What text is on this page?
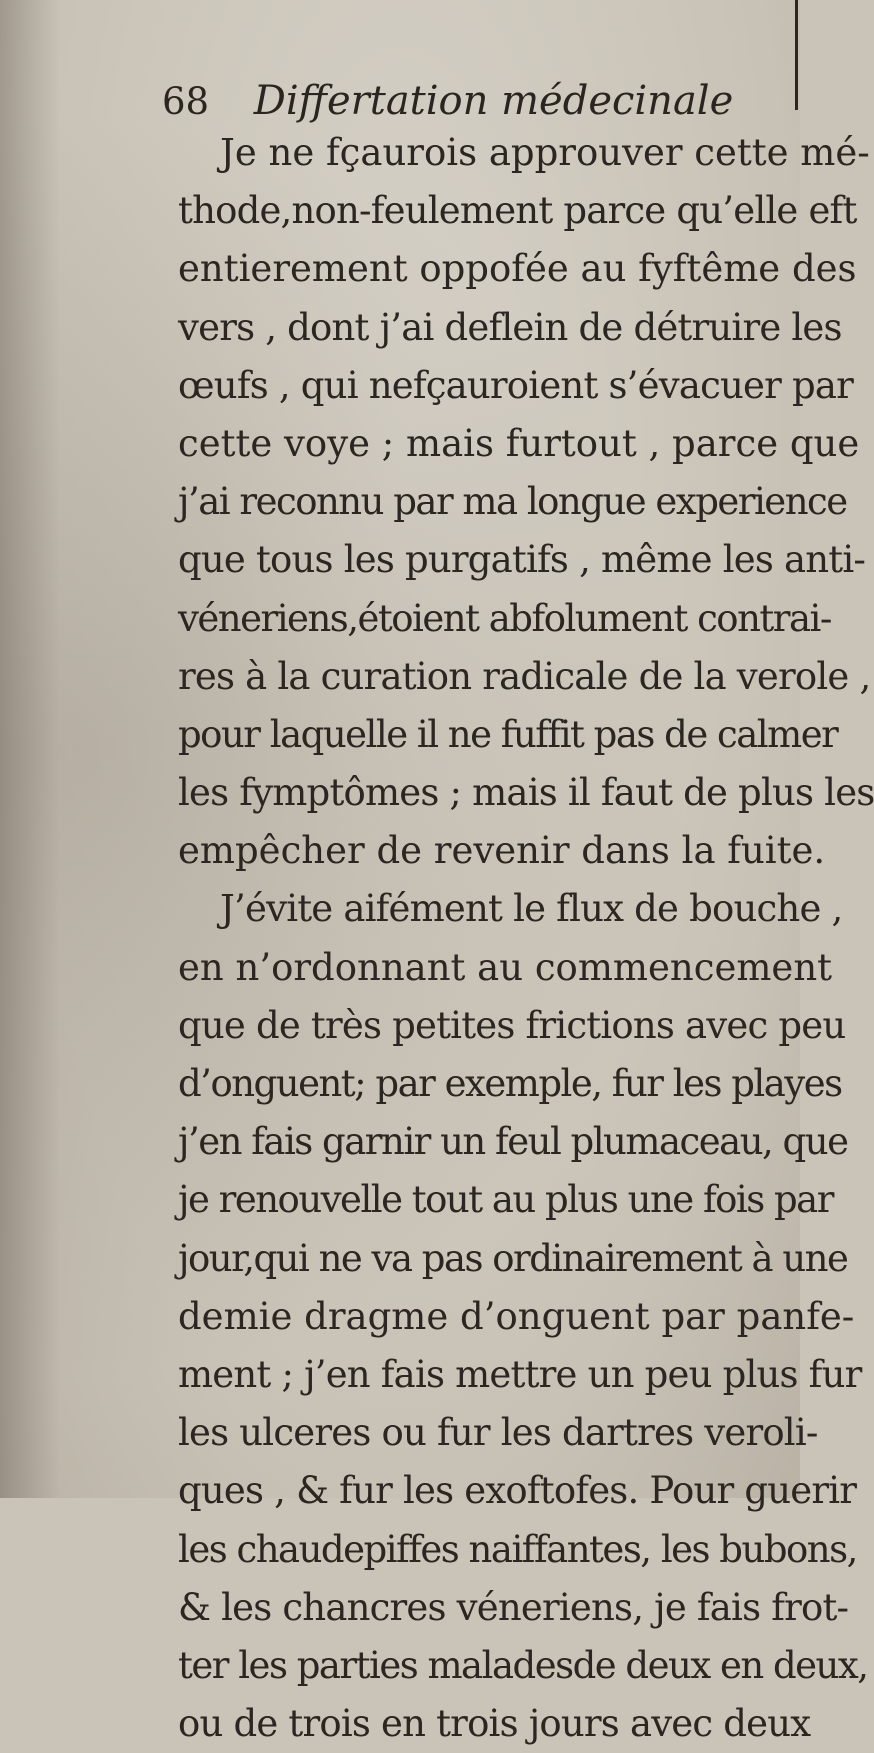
68 Differtation médecinale
Je ne fçaurois approuver cette mé-
thode,non-feulement parce qu’elle eft
entierement oppofée au fyftême des
vers , dont j’ai deflein de détruire les
œufs , qui nefçauroient s’évacuer par
cette voye ; mais furtout , parce que
j’ai reconnu par ma longue experience
que tous les purgatifs , même les anti-
véneriens,étoient abfolument contrai-
res à la curation radicale de la verole ,
pour laquelle il ne fuffit pas de calmer
les fymptômes ; mais il faut de plus les
empêcher de revenir dans la fuite.
J’évite aifément le flux de bouche ,
en n’ordonnant au commencement
que de très petites frictions avec peu
d’onguent; par exemple, fur les playes
j’en fais garnir un feul plumaceau, que
je renouvelle tout au plus une fois par
jour,qui ne va pas ordinairement à une
demie dragme d’onguent par panfe-
ment ; j’en fais mettre un peu plus fur
les ulceres ou fur les dartres veroli-
ques , & fur les exoftofes. Pour guerir
les chaudepiffes naiffantes, les bubons,
& les chancres véneriens, je fais frot-
ter les parties maladesde deux en deux,
ou de trois en trois jours avec deux
